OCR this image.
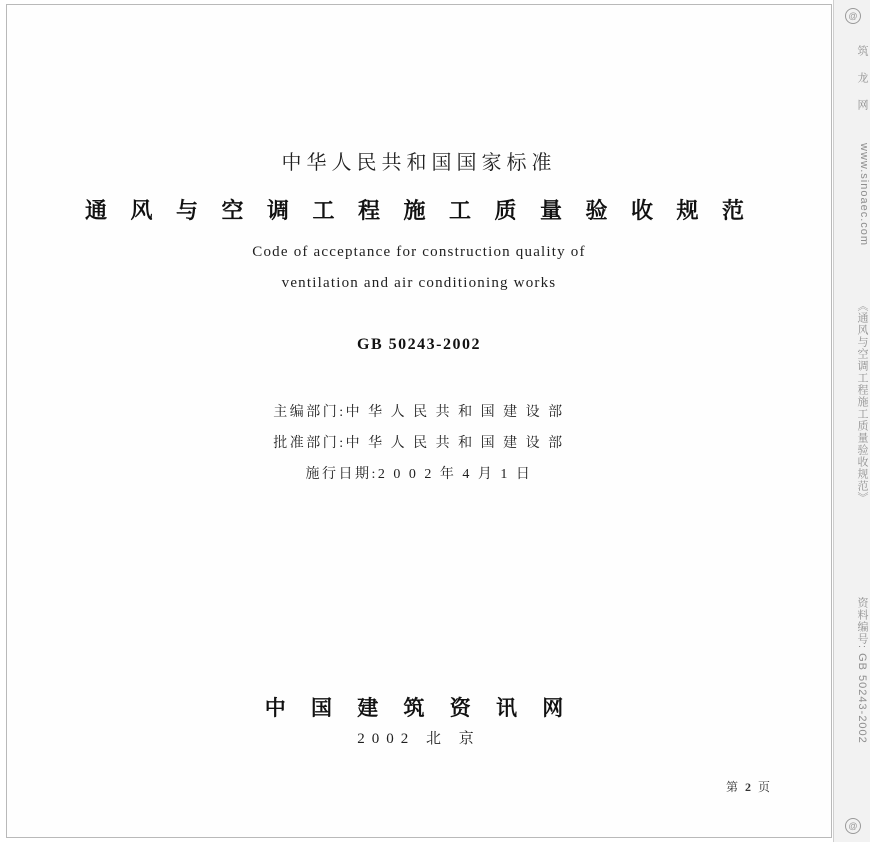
中华人民共和国国家标准
通 风 与 空 调 工 程 施 工 质 量 验 收 规 范
Code of acceptance for construction quality of
ventilation and air conditioning works
GB 50243-2002
主编部门:中 华 人 民 共 和 国 建 设 部
批准部门:中 华 人 民 共 和 国 建 设 部
施行日期:2 0 0 2 年 4 月 1 日
中 国 建 筑 资 讯 网
2002 北 京
第 2 页
@
筑 龙 网
www.sinoaec.com
《通风与空调工程施工质量验收规范》
资料编号: GB 50243-2002
@
